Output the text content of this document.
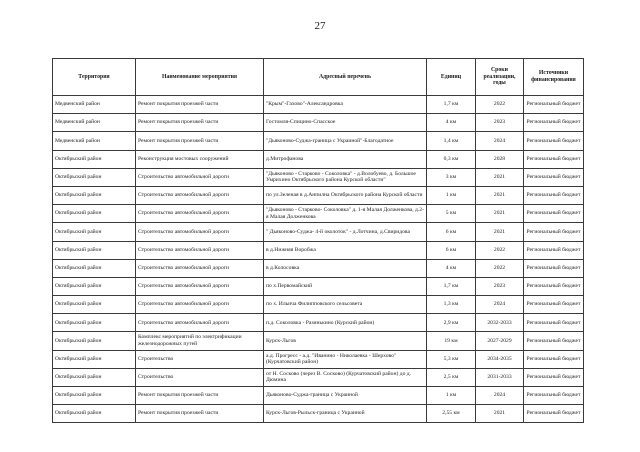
27
Территория	Наименование мероприятия	Адресный перечень	Единиц	Сроки реализации, годы	Источники финансирования
Медвенский район	Ремонт покрытия проезжей части	"Крым"-Гахово"-Александровка	1,7 км	2022	Региональный бюджет
Медвенский район	Ремонт покрытия проезжей части	Гостомля-Спицино-Спасское	4 км	2023	Региональный бюджет
Медвенский район	Ремонт покрытия проезжей части	"Дьяконово-Суджа-граница с Украиной"-Благодатное	1,4 км	2024	Региональный бюджет
Октябрьский район	Реконструкция мостовых сооружений	д.Митрофанова	0,3 км	2028	Региональный бюджет
Октябрьский район	Строительство автомобильной дороги	"Дьяконово - Старково - Соколовка" - д.Волобуево, д. Большое Умрихино Октябрьского района Курской области"	3 км	2021	Региональный бюджет
Октябрьский район	Строительство автомобильной дороги	по ул.Зеленая в д.Анпилна Октябрьского района Курской области	1 км	2021	Региональный бюджет
Октябрьский район	Строительство автомобильной дороги	"Дьяконово - Старково- Соколовка" д. 1-я Малая Долженкова, д.2-я Малая Долженкова	5 км	2021	Региональный бюджет
Октябрьский район	Строительство автомобильной дороги	" Дьяконово-Суджа- 4-й околоток" - д.Лотчина, д.Свиридова	6 км	2021	Региональный бюджет
Октябрьский район	Строительство автомобильной дороги	в д.Нижняя Воробжа	6 км	2022	Региональный бюджет
Октябрьский район	Строительство автомобильной дороги	в д.Колосовка	4 км	2022	Региональный бюджет
Октябрьский район	Строительство автомобильной дороги	по х.Первомайский	1,7 км	2023	Региональный бюджет
Октябрьский район	Строительство автомобильной дороги	по х. Ильича Филипповского сельсовета	1,3 км	2024	Региональный бюджет
Октябрьский район	Строительство автомобильной дороги	п.д. Соколовка - Разинькино (Курский район)	2,9 км	2032-2033	Региональный бюджет
Октябрьский район	Комплекс мероприятий по электрификации железнодорожных путей	Курск-Льгов	19 км	2027-2029	Региональный бюджет
Октябрьский район	Строительство	а.д. Прогресс - а.д. "Иванино - Николаевка - Шерхово" (Курчатовский район)	5,3 км	2034-2035	Региональный бюджет
Октябрьский район	Строительство	от Н. Сосково (через В. Сосково) (Курчатовский район) до д. Дюмина	2,5 км	2031-2033	Региональный бюджет
Октябрьский район	Ремонт покрытия проезжей части	Дьяконово-Суджа-граница с Украиной	1 км	2024	Региональный бюджет
Октябрьский район	Ремонт покрытия проезжей части	Курск-Льгов-Рыльск-граница с Украиной	2,55 км	2021	Региональный бюджет
